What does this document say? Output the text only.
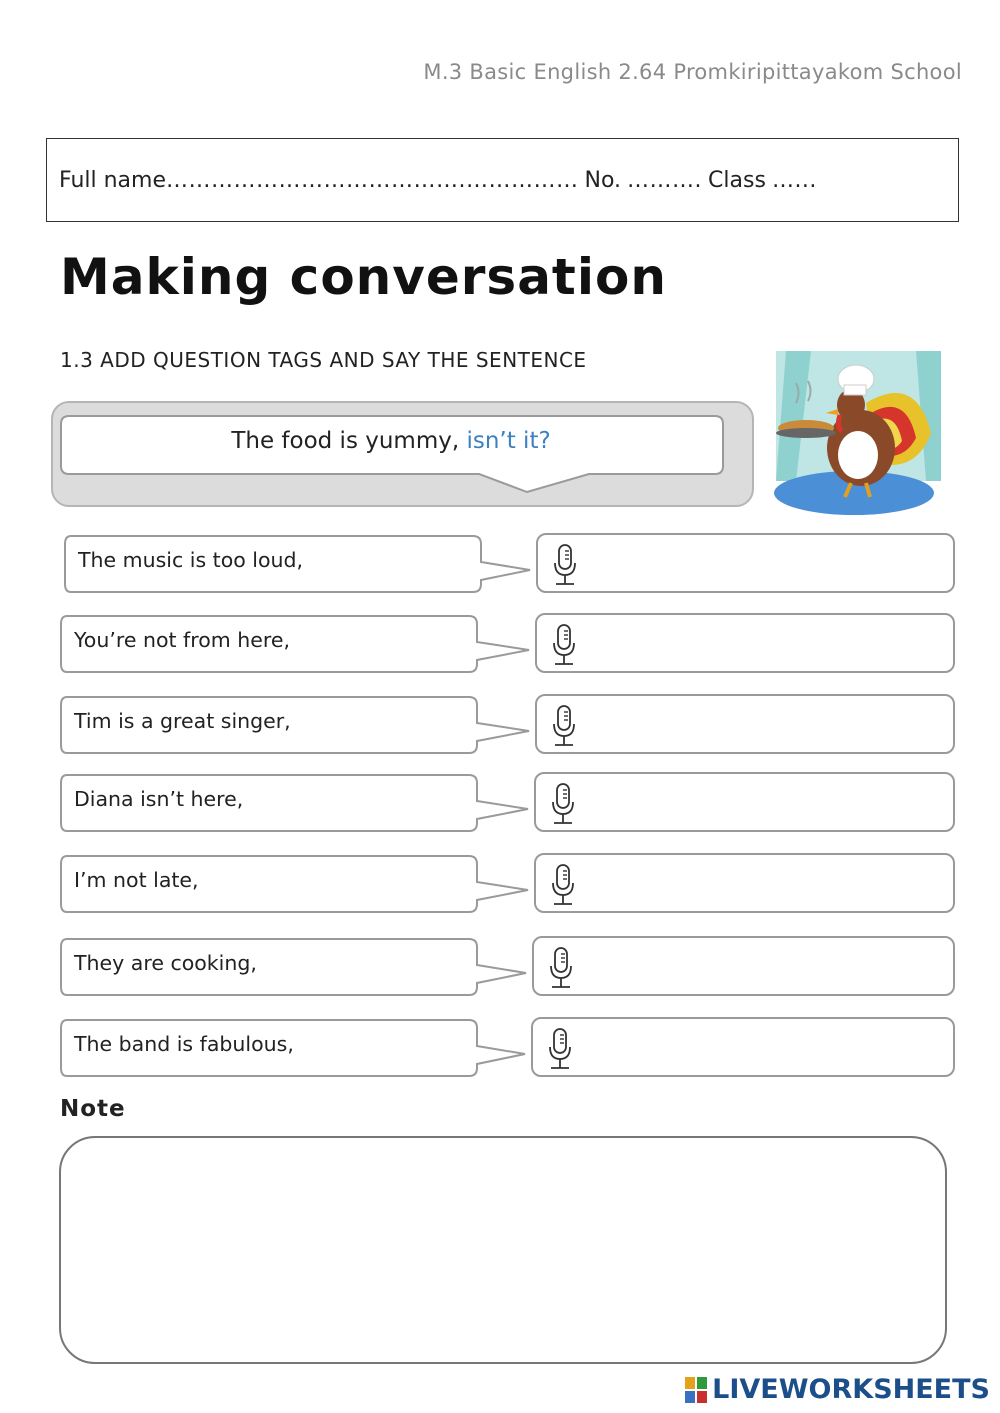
M.3 Basic English 2.64 Promkiripittayakom School
Full name ………………………………….…………… No. ………. Class …...
Making conversation
1.3 ADD QUESTION TAGS AND SAY THE SENTENCE
The food is yummy, isn’t it?
The music is too loud,
You’re not from here,
Tim is a great singer,
Diana isn’t here,
I’m not late,
They are cooking,
The band is fabulous,
Note
LIVEWORKSHEETS
